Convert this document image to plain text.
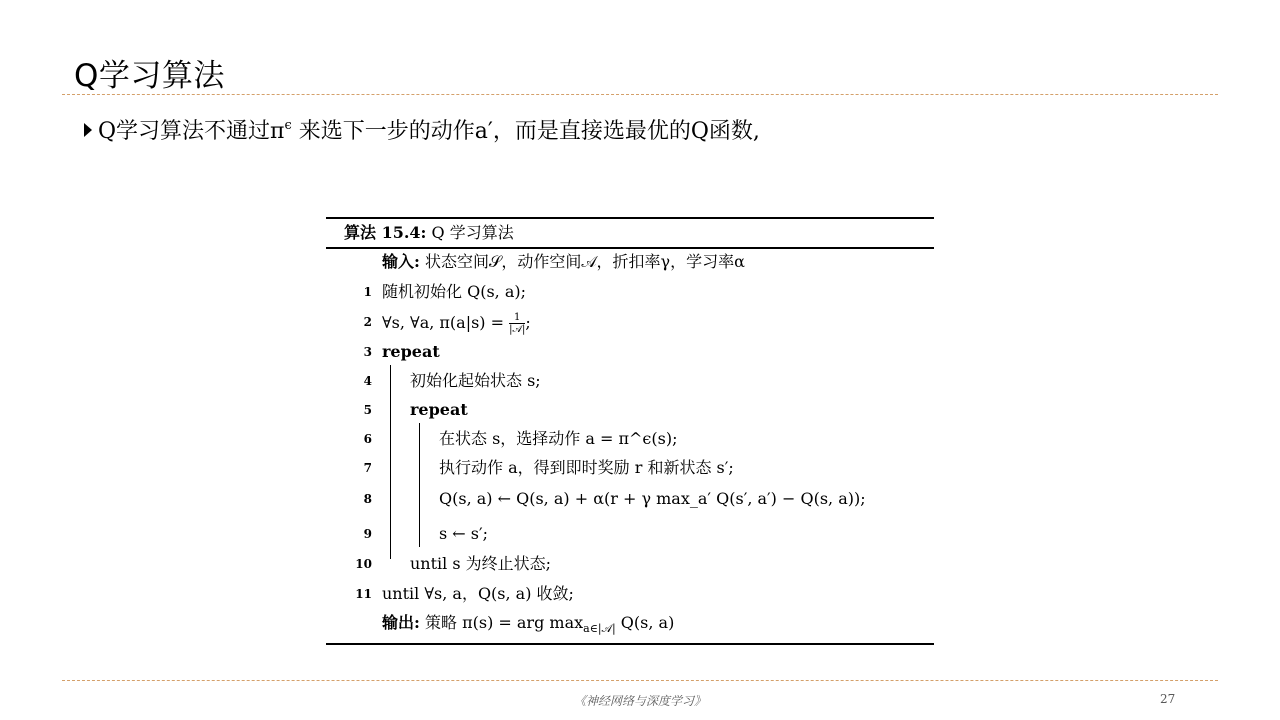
Q学习算法
Q学习算法不通过$\pi^\epsilon$ 来选下一步的动作a′，而是直接选最优的Q函数,
算法 15.4: Q 学习算法
输入: 状态空间𝒮，动作空间𝒜，折扣率γ，学习率α
1 随机初始化 Q(s, a);
2 ∀s, ∀a, $\pi(a|s) = \frac{1}{\text{|𝒜|}}$ ;
3 repeat
4 初始化起始状态 s;
5 repeat
6	在状态 s，选择动作 a = π^ϵ(s);
7	执行动作 a，得到即时奖励 r 和新状态 s′;
8	Q(s, a) ← Q(s, a) + α(r + γ max_a′ Q(s′, a′) − Q(s, a));
9	s ← s′;
10 until s 为终止状态;
11 until ∀s, a，Q(s, a) 收敛;
输出: 策略 π(s) = arg $\max_{a\in|𝒜|} Q(s$, a)
《神经网络与深度学习》	27
